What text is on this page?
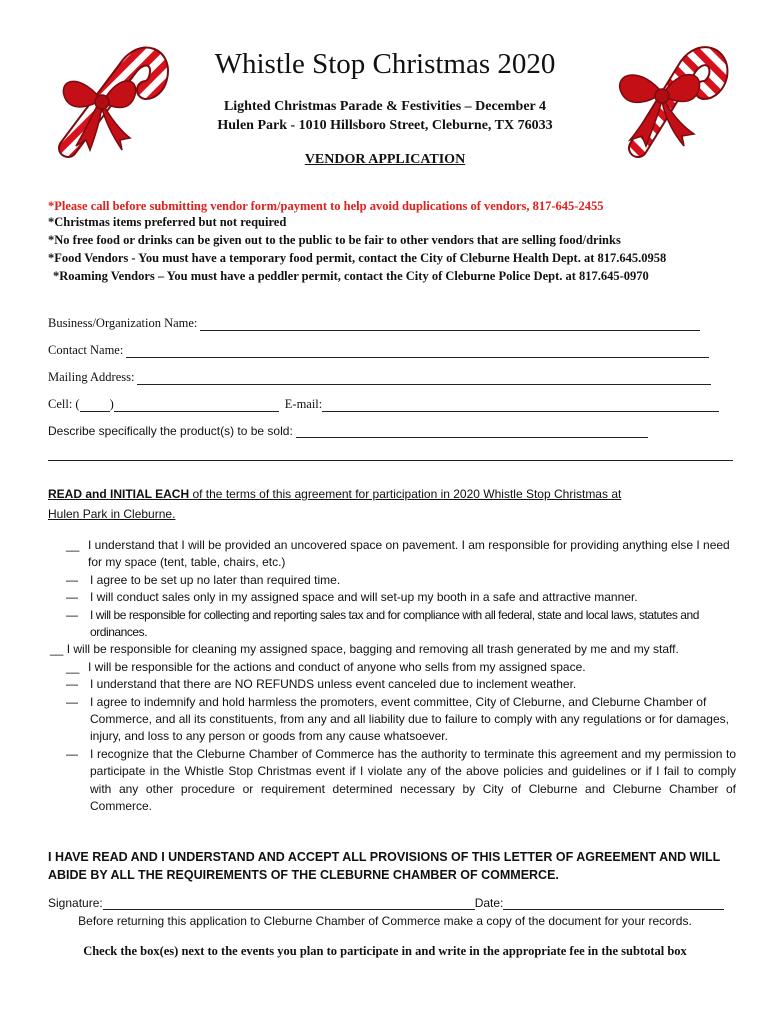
Whistle Stop Christmas 2020
Lighted Christmas Parade & Festivities – December 4
Hulen Park - 1010 Hillsboro Street, Cleburne, TX 76033
VENDOR APPLICATION
*Please call before submitting vendor form/payment to help avoid duplications of vendors, 817-645-2455
*Christmas items preferred but not required
*No free food or drinks can be given out to the public to be fair to other vendors that are selling food/drinks
*Food Vendors - You must have a temporary food permit, contact the City of Cleburne Health Dept. at 817.645.0958
*Roaming Vendors – You must have a peddler permit, contact the City of Cleburne Police Dept. at 817.645-0970
Business/Organization Name:
Contact Name:
Mailing Address:
Cell: ( )	E-mail:
Describe specifically the product(s) to be sold:
READ and INITIAL EACH of the terms of this agreement for participation in 2020 Whistle Stop Christmas at
Hulen Park in Cleburne.
__ I understand that I will be provided an uncovered space on pavement. I am responsible for providing anything else I need for my space (tent, table, chairs, etc.)
— I agree to be set up no later than required time.
— I will conduct sales only in my assigned space and will set-up my booth in a safe and attractive manner.
— I will be responsible for collecting and reporting sales tax and for compliance with all federal, state and local laws, statutes and ordinances.
__ I will be responsible for cleaning my assigned space, bagging and removing all trash generated by me and my staff.
__ I will be responsible for the actions and conduct of anyone who sells from my assigned space.
— I understand that there are NO REFUNDS unless event canceled due to inclement weather.
— I agree to indemnify and hold harmless the promoters, event committee, City of Cleburne, and Cleburne Chamber of Commerce, and all its constituents, from any and all liability due to failure to comply with any regulations or for damages, injury, and loss to any person or goods from any cause whatsoever.
— I recognize that the Cleburne Chamber of Commerce has the authority to terminate this agreement and my permission to participate in the Whistle Stop Christmas event if I violate any of the above policies and guidelines or if I fail to comply with any other procedure or requirement determined necessary by City of Cleburne and Cleburne Chamber of Commerce.
I HAVE READ AND I UNDERSTAND AND ACCEPT ALL PROVISIONS OF THIS LETTER OF AGREEMENT AND WILL ABIDE BY ALL THE REQUIREMENTS OF THE CLEBURNE CHAMBER OF COMMERCE.
Signature:	Date:
Before returning this application to Cleburne Chamber of Commerce make a copy of the document for your records.
Check the box(es) next to the events you plan to participate in and write in the appropriate fee in the subtotal box
